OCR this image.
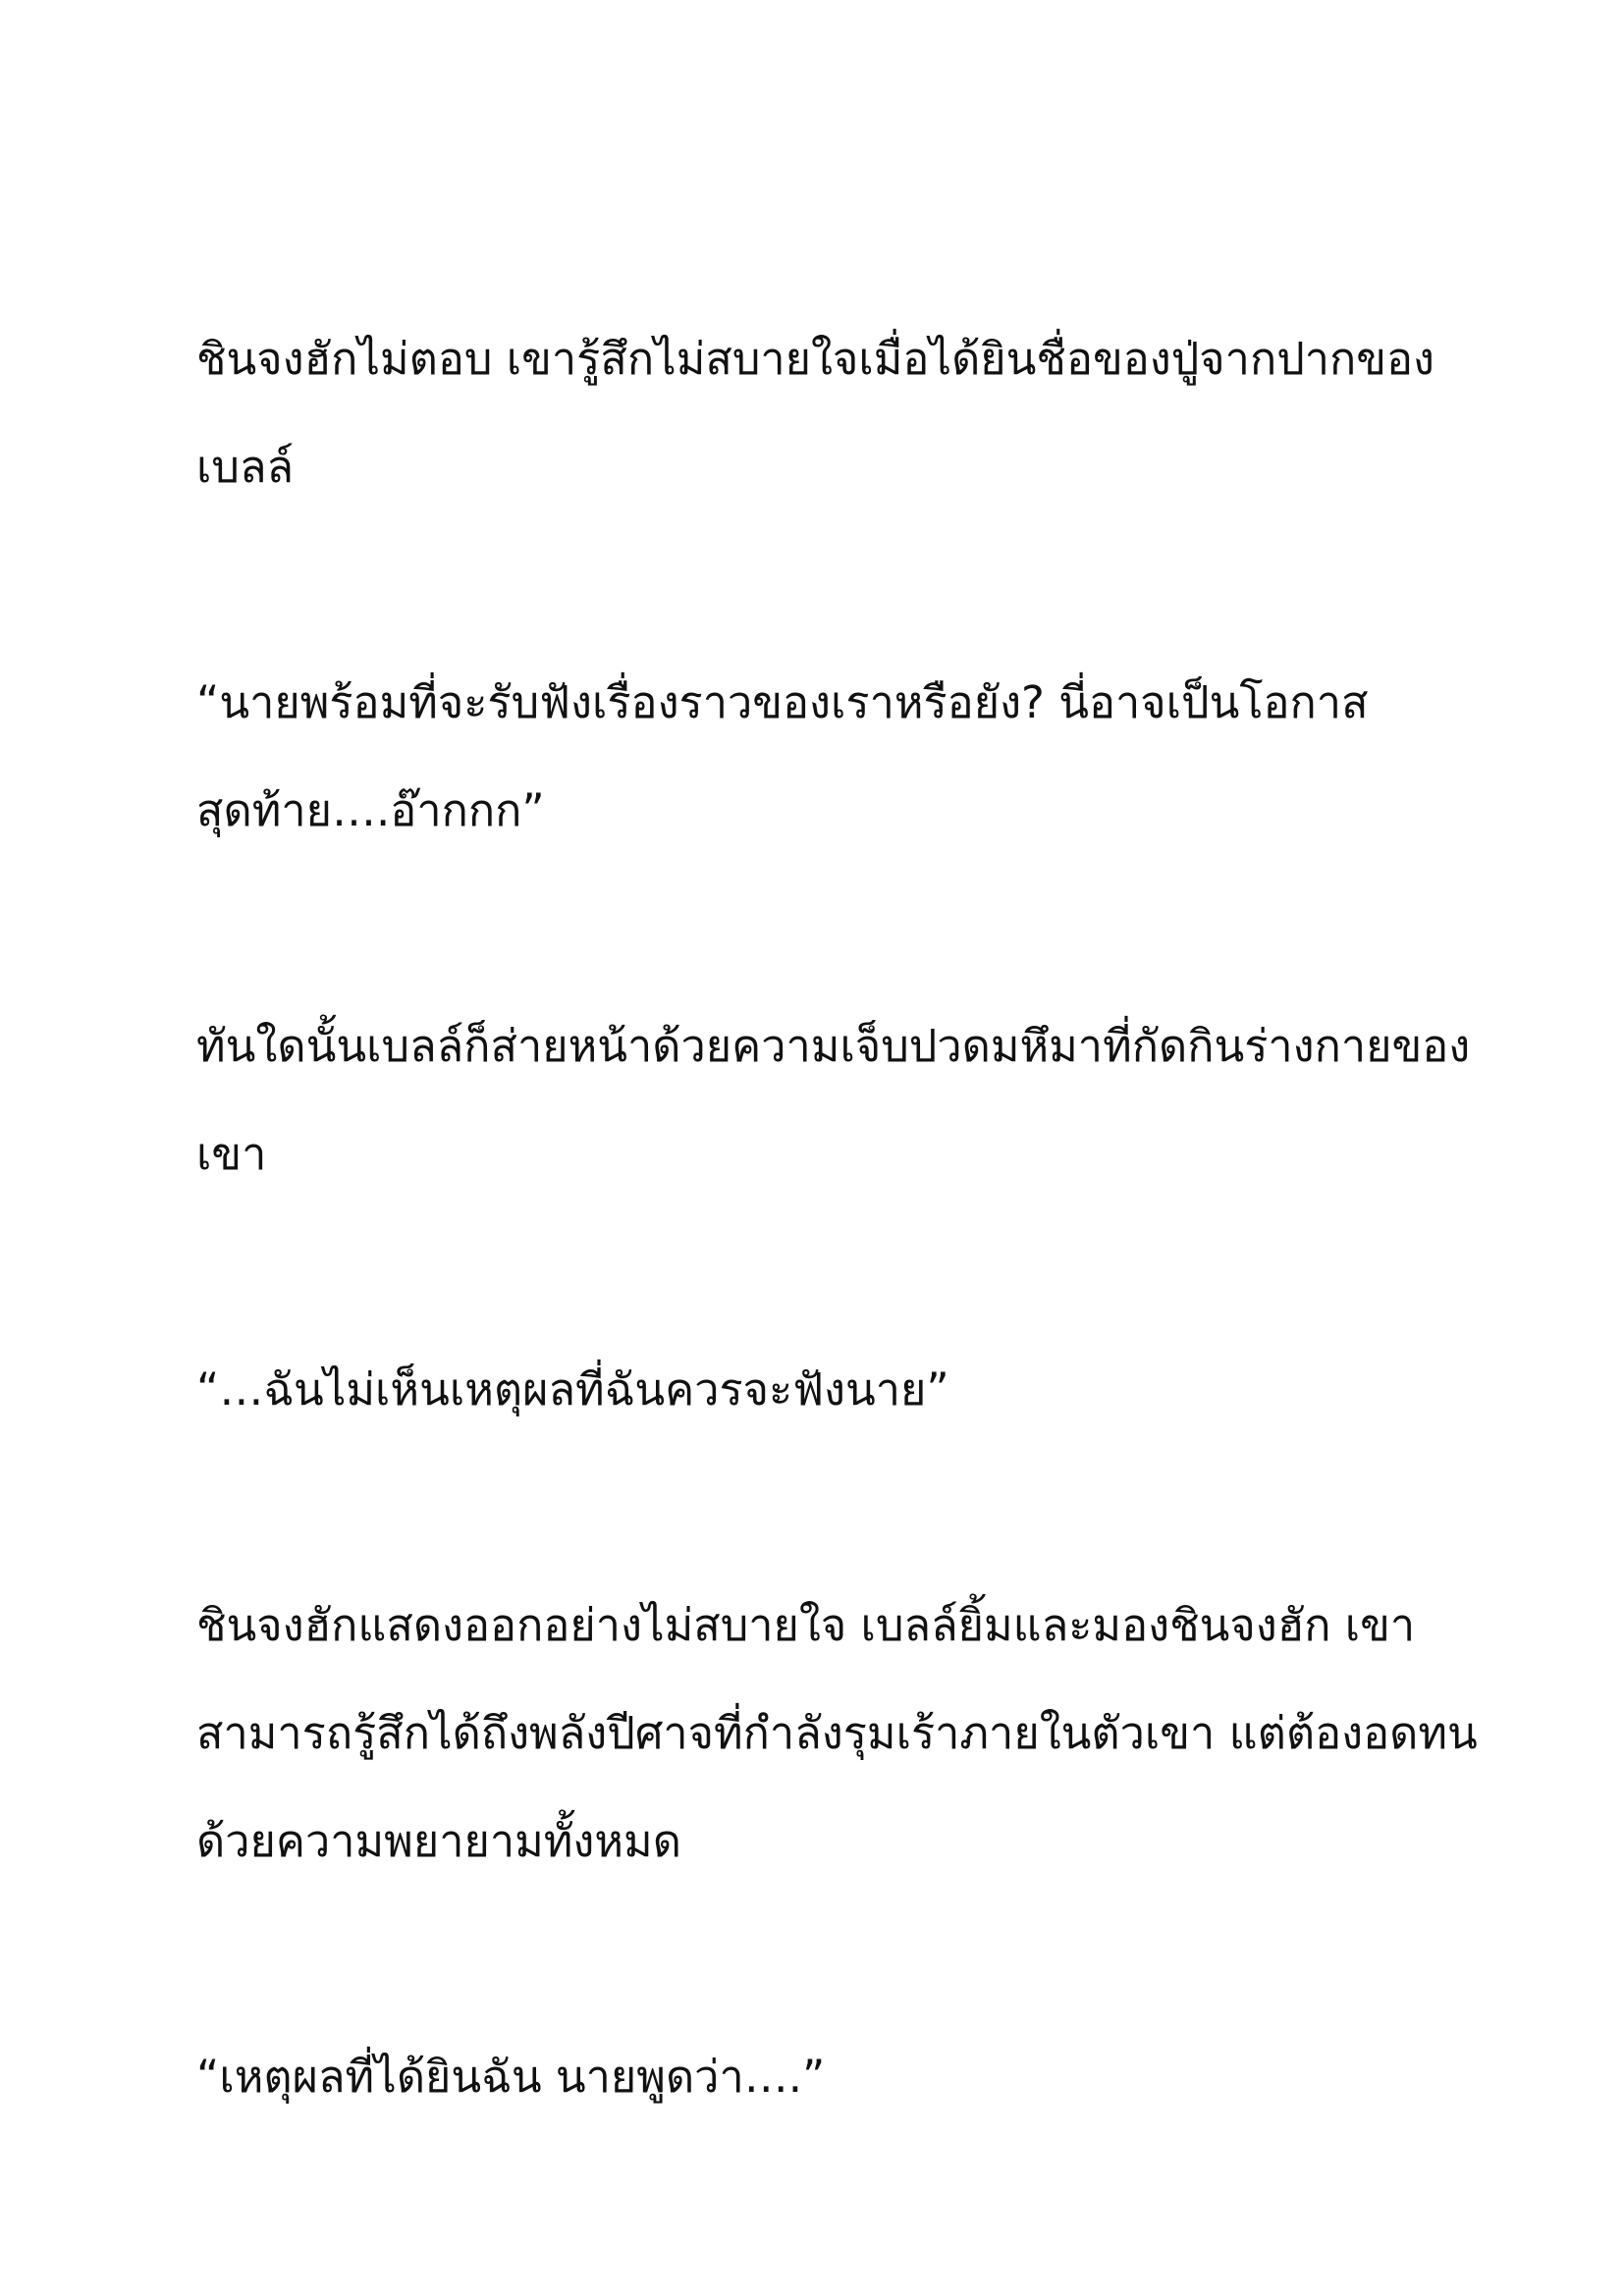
ชินจงฮักไม่ตอบ เขารู้สึกไม่สบายใจเมื่อได้ยินชื่อของปู่จากปากของ
เบลล์

“นายพร้อมที่จะรับฟังเรื่องราวของเราหรือยัง? นี่อาจเป็นโอกาส
สุดท้าย….อ๊ากกก”

ทันใดนั้นเบลล์ก็ส่ายหน้าด้วยความเจ็บปวดมหึมาที่กัดกินร่างกายของ
เขา

“…ฉันไม่เห็นเหตุผลที่ฉันควรจะฟังนาย”

ชินจงฮักแสดงออกอย่างไม่สบายใจ เบลล์ยิ้มและมองชินจงฮัก เขา
สามารถรู้สึกได้ถึงพลังปีศาจที่กำลังรุมเร้าภายในตัวเขา แต่ต้องอดทน
ด้วยความพยายามทั้งหมด

“เหตุผลที่ได้ยินฉัน นายพูดว่า….”
